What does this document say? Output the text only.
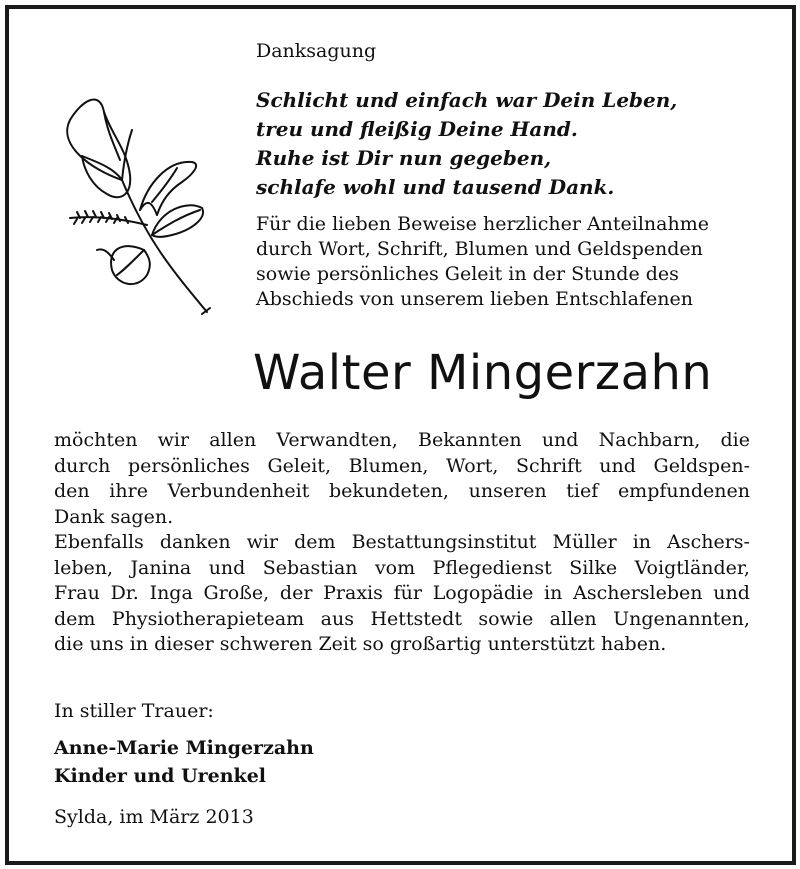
Danksagung
Schlicht und einfach war Dein Leben,
treu und fleißig Deine Hand.
Ruhe ist Dir nun gegeben,
schlafe wohl und tausend Dank.
Für die lieben Beweise herzlicher Anteilnahme
durch Wort, Schrift, Blumen und Geldspenden
sowie persönliches Geleit in der Stunde des
Abschieds von unserem lieben Entschlafenen
Walter Mingerzahn
möchten wir allen Verwandten, Bekannten und Nachbarn, die
durch persönliches Geleit, Blumen, Wort, Schrift und Geldspen-
den ihre Verbundenheit bekundeten, unseren tief empfundenen
Dank sagen.
Ebenfalls danken wir dem Bestattungsinstitut Müller in Aschers-
leben, Janina und Sebastian vom Pflegedienst Silke Voigtländer,
Frau Dr. Inga Große, der Praxis für Logopädie in Aschersleben und
dem Physiotherapieteam aus Hettstedt sowie allen Ungenannten,
die uns in dieser schweren Zeit so großartig unterstützt haben.
In stiller Trauer:
Anne-Marie Mingerzahn
Kinder und Urenkel
Sylda, im März 2013
